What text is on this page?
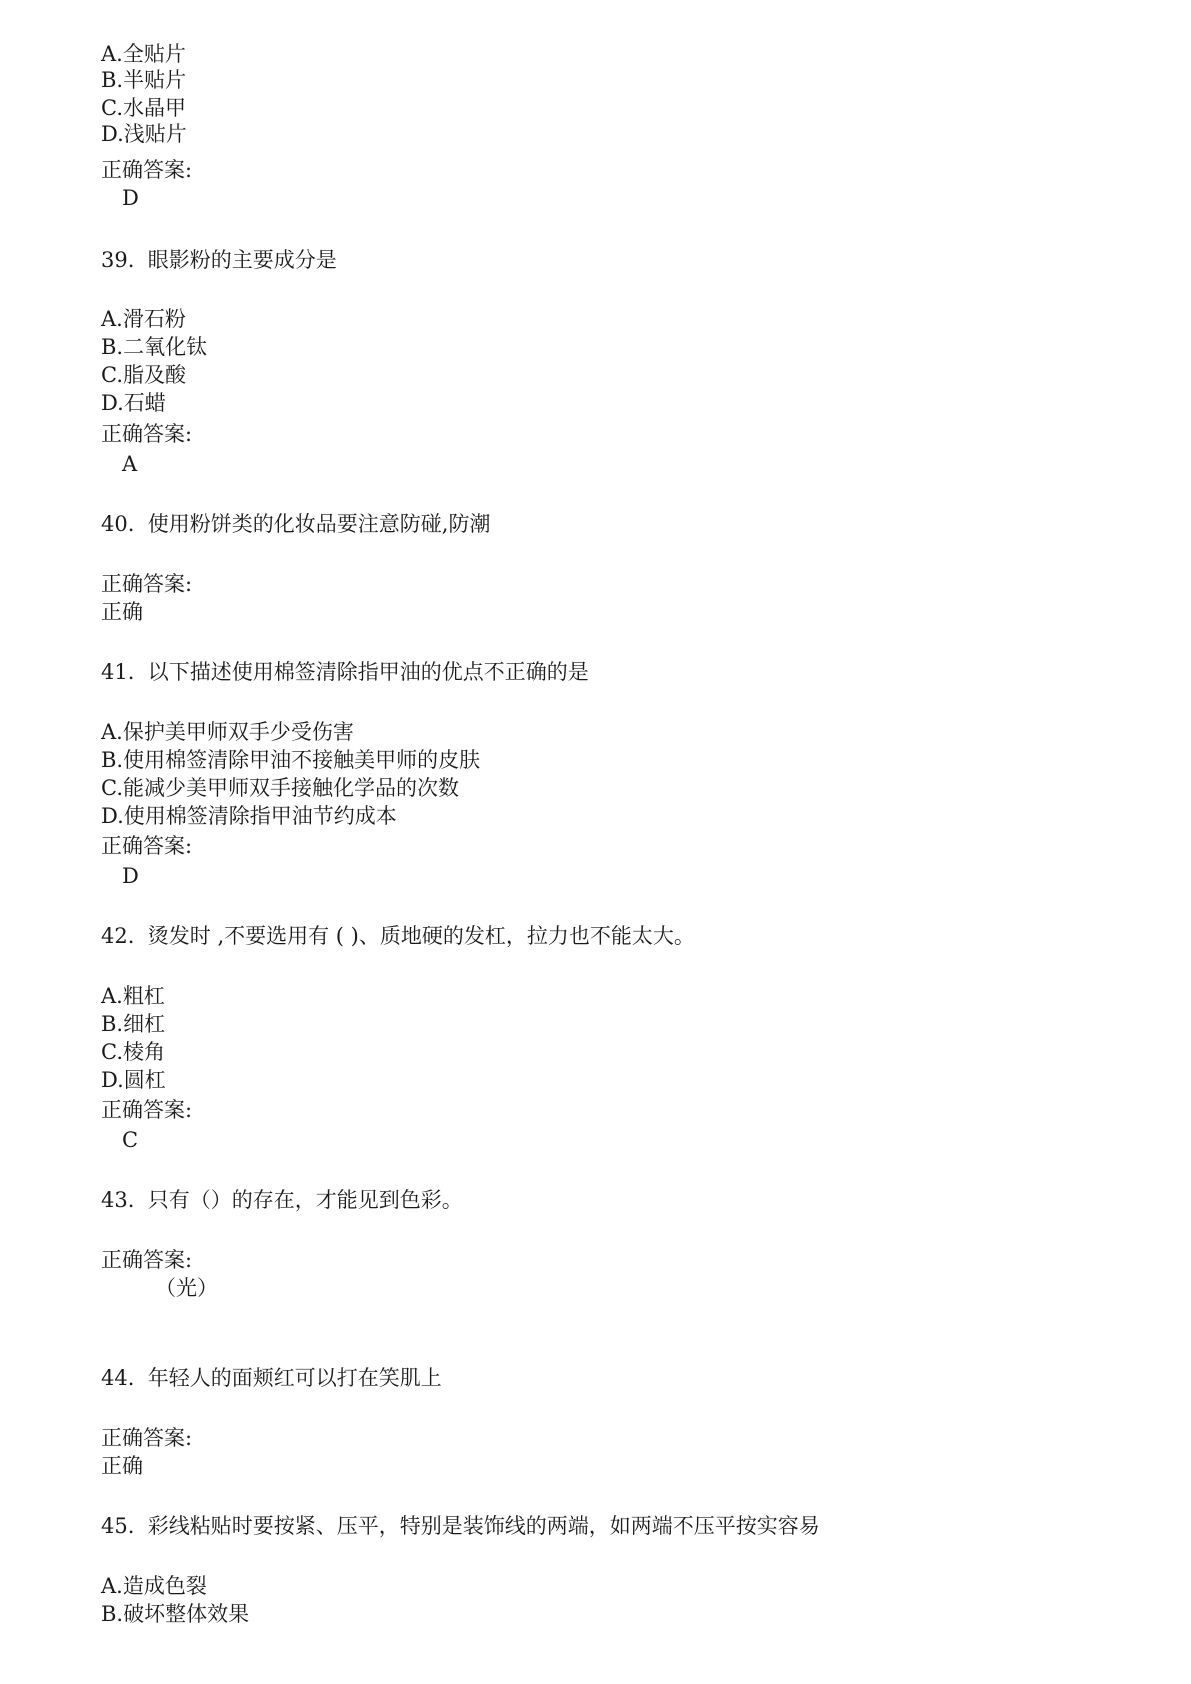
A.全贴片
B.半贴片
C.水晶甲
D.浅贴片
正确答案:
D
39. 眼影粉的主要成分是
A.滑石粉
B.二氧化钛
C.脂及酸
D.石蜡
正确答案:
A
40. 使用粉饼类的化妆品要注意防碰,防潮
正确答案:
正确
41. 以下描述使用棉签清除指甲油的优点不正确的是
A.保护美甲师双手少受伤害
B.使用棉签清除甲油不接触美甲师的皮肤
C.能减少美甲师双手接触化学品的次数
D.使用棉签清除指甲油节约成本
正确答案:
D
42. 烫发时 ,不要选用有 ( )、质地硬的发杠，拉力也不能太大。
A.粗杠
B.细杠
C.棱角
D.圆杠
正确答案:
C
43. 只有（）的存在，才能见到色彩。
正确答案:
（光）
44. 年轻人的面颊红可以打在笑肌上
正确答案:
正确
45. 彩线粘贴时要按紧、压平，特别是装饰线的两端，如两端不压平按实容易
A.造成色裂
B.破坏整体效果
